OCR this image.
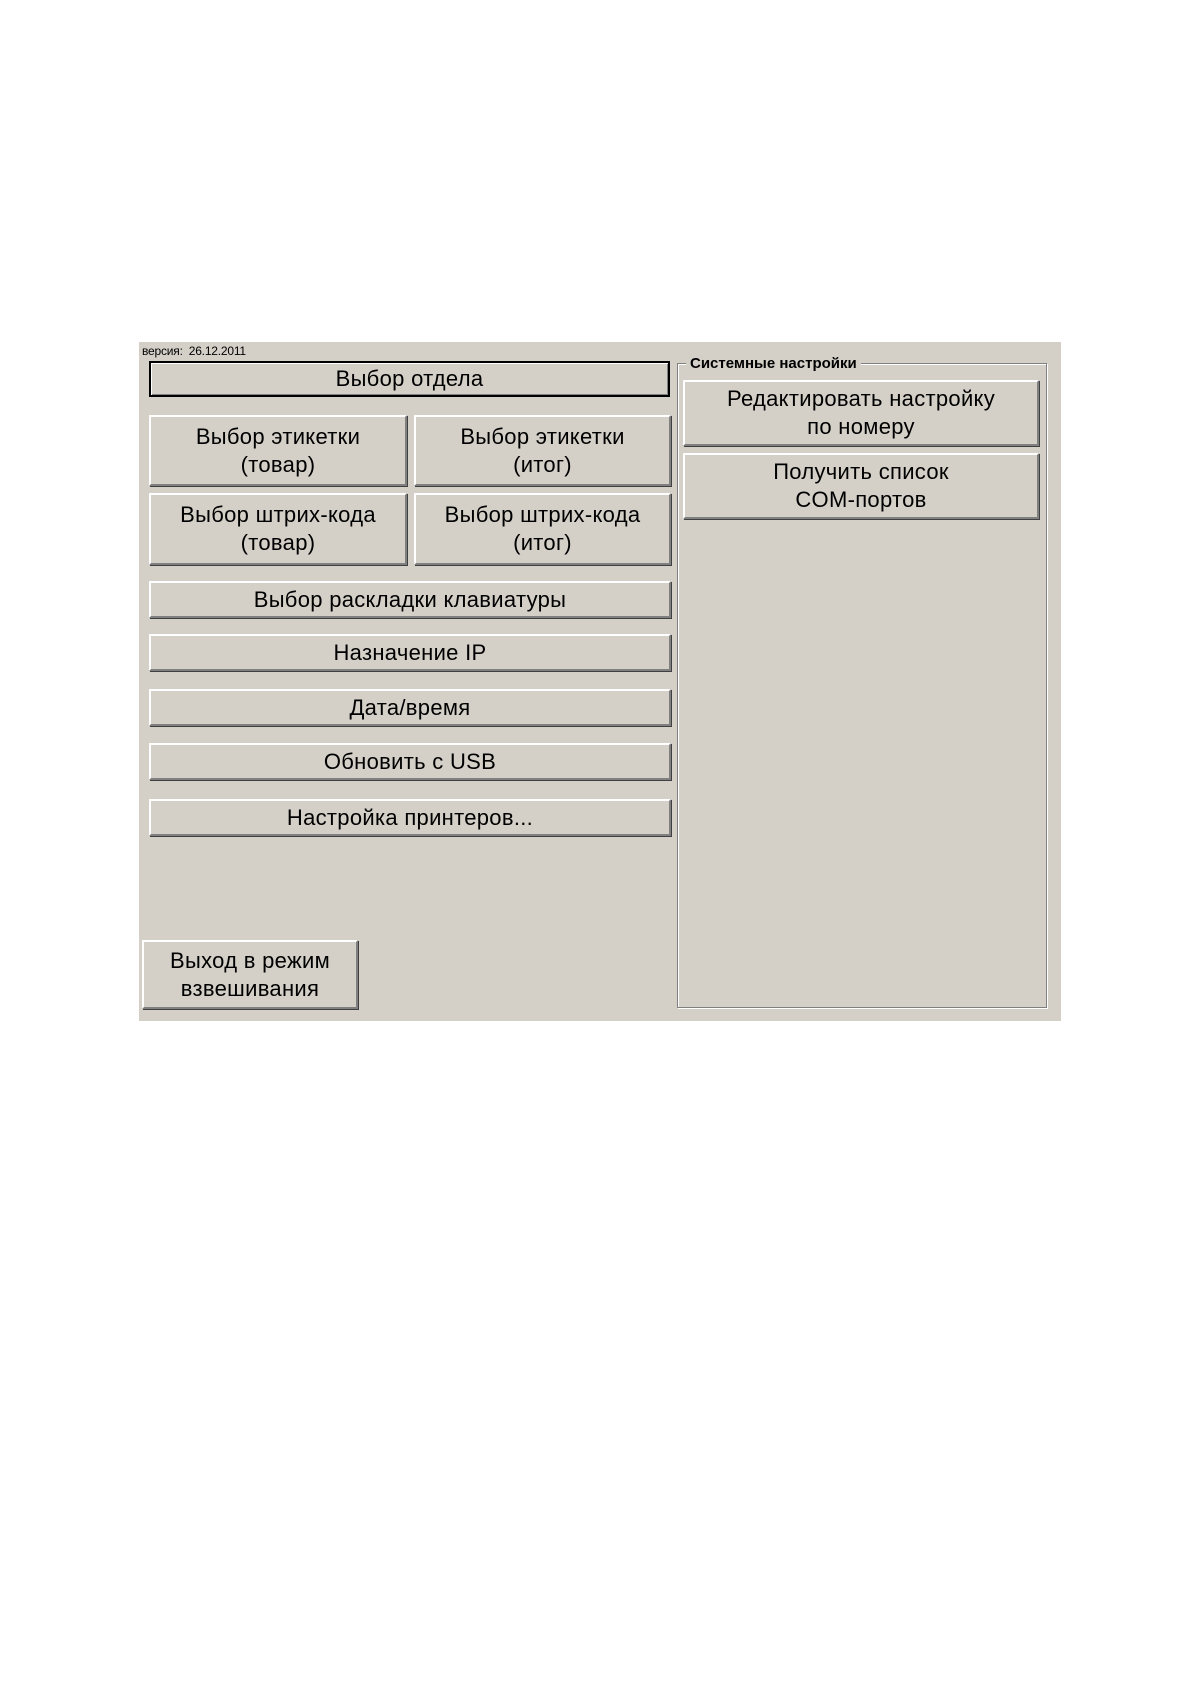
версия: 26.12.2011
Выбор отдела
Выбор этикетки
(товар)
Выбор этикетки
(итог)
Выбор штрих-кода
(товар)
Выбор штрих-кода
(итог)
Выбор раскладки клавиатуры
Назначение IP
Дата/время
Обновить с USB
Настройка принтеров...
Выход в режим
взвешивания
Системные настройки
Редактировать настройку
по номеру
Получить список
COM-портов
